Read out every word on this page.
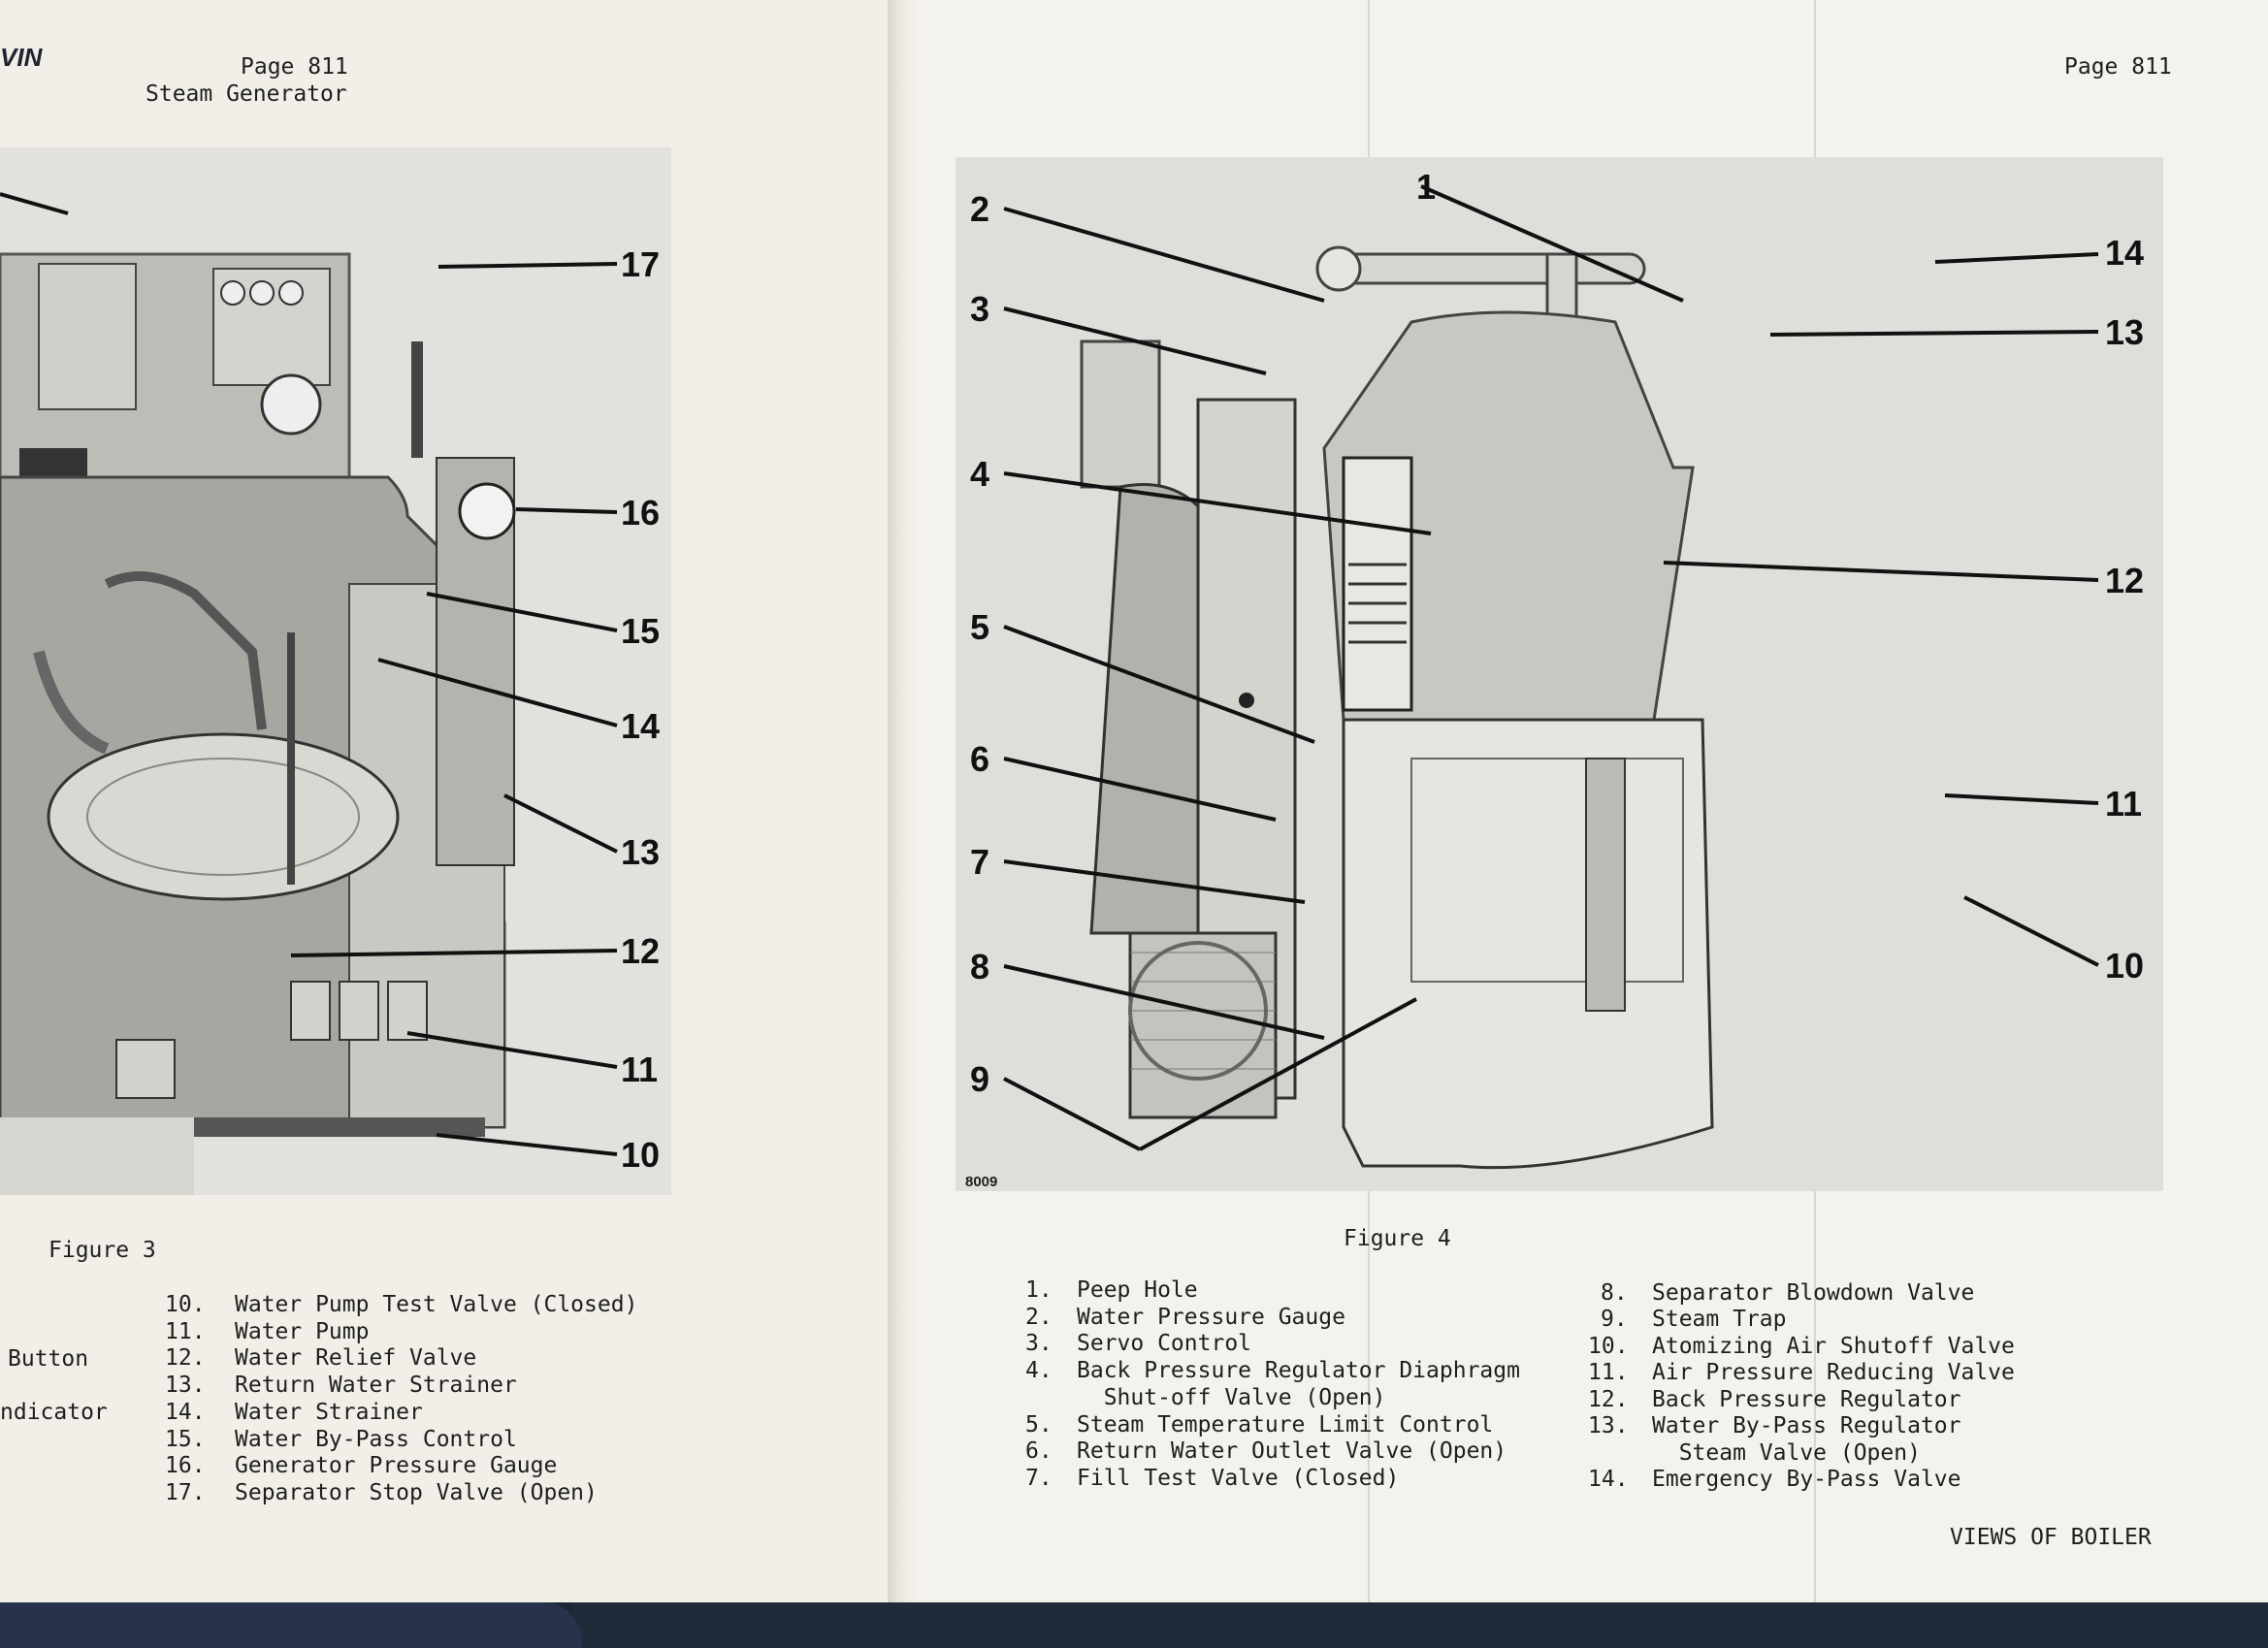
VIN	Page 811
Steam Generator
17
16
15
14
13
12
11
10
Figure 3
Button
ndicator
10. Water Pump Test Valve (Closed)
11. Water Pump
12. Water Relief Valve
13. Return Water Strainer
14. Water Strainer
15. Water By-Pass Control
16. Generator Pressure Gauge
17. Separator Stop Valve (Open)
Page 811
1
2
3
4
5
6
7
8
9
14
13
12
11
10
8009
Figure 4
1. Peep Hole
2. Water Pressure Gauge
3. Servo Control
4. Back Pressure Regulator Diaphragm
Shut-off Valve (Open)
5. Steam Temperature Limit Control
6. Return Water Outlet Valve (Open)
7. Fill Test Valve (Closed)
8. Separator Blowdown Valve
9. Steam Trap
10. Atomizing Air Shutoff Valve
11. Air Pressure Reducing Valve
12. Back Pressure Regulator
13. Water By-Pass Regulator
Steam Valve (Open)
14. Emergency By-Pass Valve
VIEWS OF BOILER
